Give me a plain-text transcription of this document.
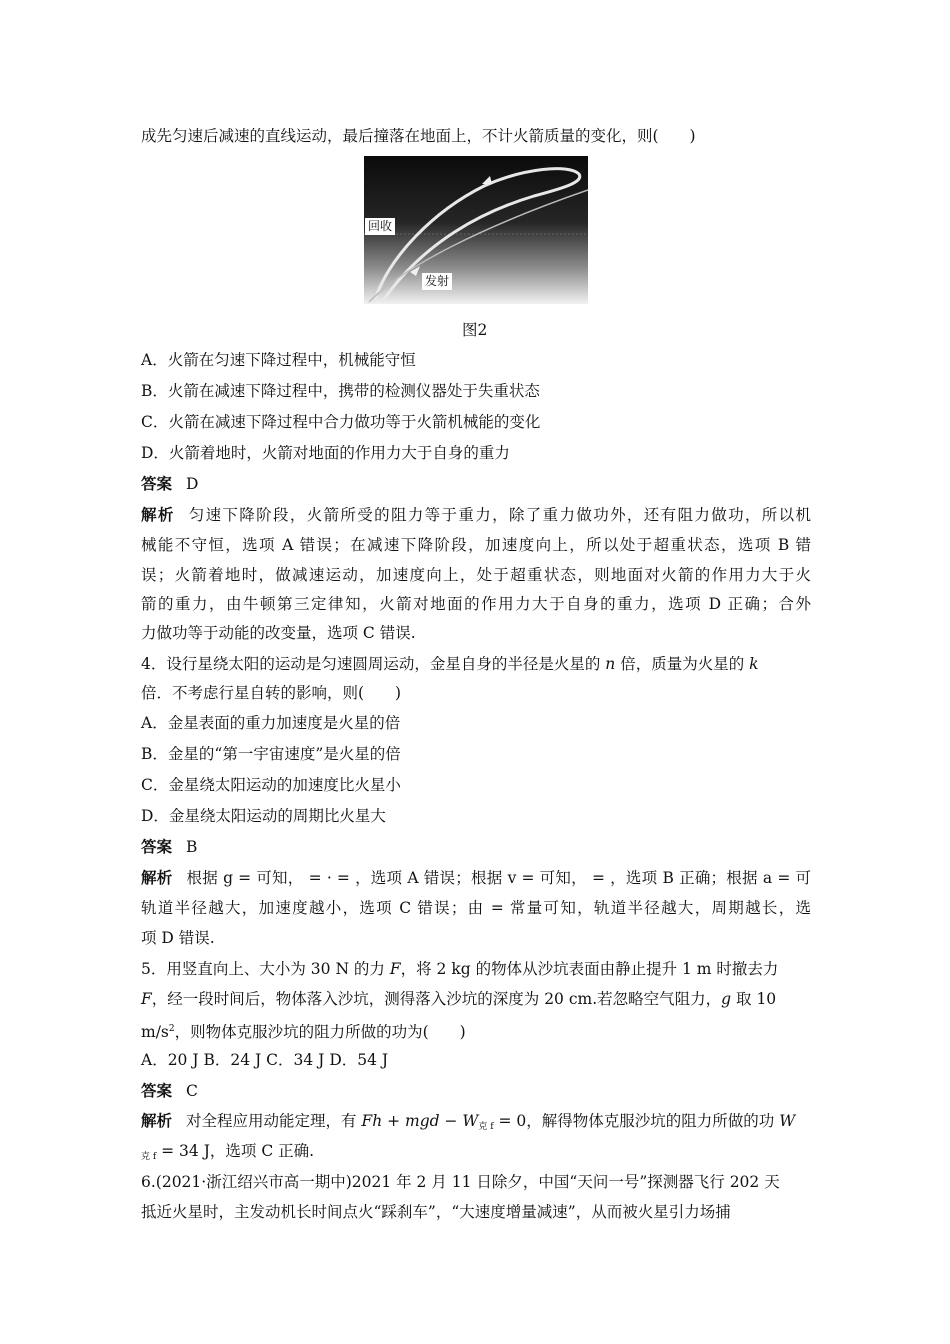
成先匀速后减速的直线运动，最后撞落在地面上，不计火箭质量的变化，则(　　)
回收
发射
图2
A．火箭在匀速下降过程中，机械能守恒
B．火箭在减速下降过程中，携带的检测仪器处于失重状态
C．火箭在减速下降过程中合力做功等于火箭机械能的变化
D．火箭着地时，火箭对地面的作用力大于自身的重力
答案 D
解析 匀速下降阶段，火箭所受的阻力等于重力，除了重力做功外，还有阻力做功，所以机
械能不守恒，选项 A 错误；在减速下降阶段，加速度向上，所以处于超重状态，选项 B 错
误；火箭着地时，做减速运动，加速度向上，处于超重状态，则地面对火箭的作用力大于火
箭的重力，由牛顿第三定律知，火箭对地面的作用力大于自身的重力，选项 D 正确；合外
力做功等于动能的改变量，选项 C 错误.
4．设行星绕太阳的运动是匀速圆周运动，金星自身的半径是火星的 n 倍，质量为火星的 k
倍．不考虑行星自转的影响，则(　　)
A．金星表面的重力加速度是火星的倍
B．金星的“第一宇宙速度”是火星的倍
C．金星绕太阳运动的加速度比火星小
D．金星绕太阳运动的周期比火星大
答案 B
解析 根据 g = 可知， = · = ，选项 A 错误；根据 v = 可知， = ，选项 B 正确；根据 a = 可
轨道半径越大，加速度越小，选项 C 错误；由 = 常量可知，轨道半径越大，周期越长，选
项 D 错误.
5．用竖直向上、大小为 30 N 的力 F，将 2 kg 的物体从沙坑表面由静止提升 1 m 时撤去力
F，经一段时间后，物体落入沙坑，测得落入沙坑的深度为 20 cm.若忽略空气阻力，g 取 10
$m/s^2$，则物体克服沙坑的阻力所做的功为(　　)
A．20 J B．24 J C．34 J D．54 J
答案 C
解析 对全程应用动能定理，有 Fh + mgd − $W_{克 f} = 0$，解得物体克服沙坑的阻力所做的功 W
$_{克 f}$ = 34 J，选项 C 正确.
6.(2021·浙江绍兴市高一期中)2021 年 2 月 11 日除夕，中国“天问一号”探测器飞行 202 天
抵近火星时，主发动机长时间点火“踩刹车”，“大速度增量减速”，从而被火星引力场捕
